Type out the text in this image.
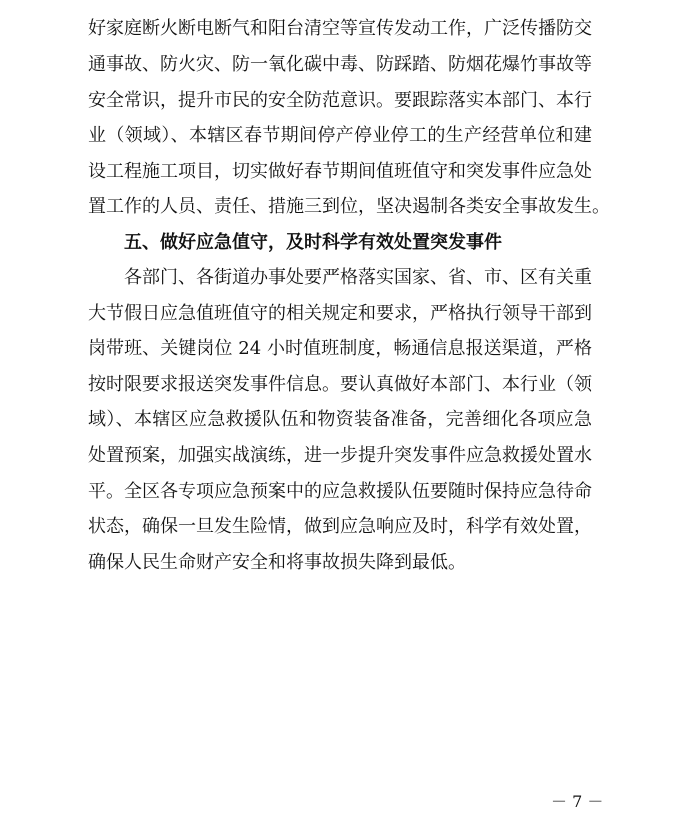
好家庭断火断电断气和阳台清空等宣传发动工作，广泛传播防交
通事故、防火灾、防一氧化碳中毒、防踩踏、防烟花爆竹事故等
安全常识，提升市民的安全防范意识。要跟踪落实本部门、本行
业（领域）、本辖区春节期间停产停业停工的生产经营单位和建
设工程施工项目，切实做好春节期间值班值守和突发事件应急处
置工作的人员、责任、措施三到位，坚决遏制各类安全事故发生。
五、做好应急值守，及时科学有效处置突发事件
各部门、各街道办事处要严格落实国家、省、市、区有关重
大节假日应急值班值守的相关规定和要求，严格执行领导干部到
岗带班、关键岗位 24 小时值班制度，畅通信息报送渠道，严格
按时限要求报送突发事件信息。要认真做好本部门、本行业（领
域）、本辖区应急救援队伍和物资装备准备，完善细化各项应急
处置预案，加强实战演练，进一步提升突发事件应急救援处置水
平。全区各专项应急预案中的应急救援队伍要随时保持应急待命
状态，确保一旦发生险情，做到应急响应及时，科学有效处置，
确保人民生命财产安全和将事故损失降到最低。
－ 7 －
